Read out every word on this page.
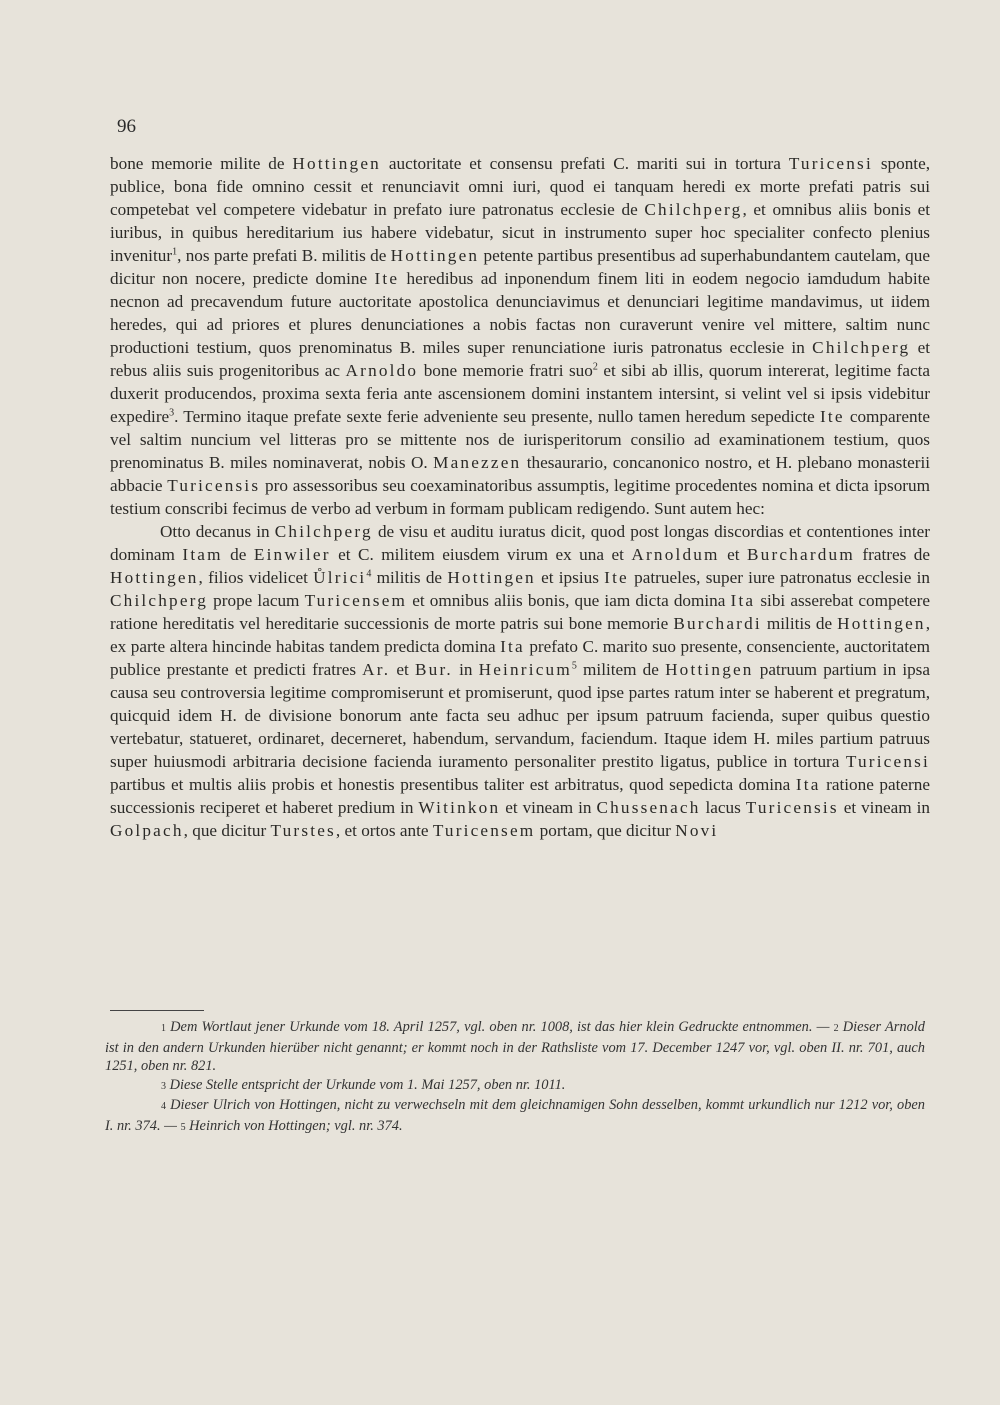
96

bone memorie milite de Hottingen auctoritate et consensu prefati C. mariti sui in tortura Turicensi sponte, publice, bona fide omnino cessit et renunciavit omni iuri, quod ei tanquam heredi ex morte prefati patris sui competebat vel competere videbatur in prefato iure patronatus ecclesie de Chilchperg, et omnibus aliis bonis et iuribus, in quibus hereditarium ius habere videbatur, sicut in instrumento super hoc specialiter confecto plenius invenitur$^1$, nos parte prefati B. militis de Hottingen petente partibus presentibus ad superhabundantem cautelam, que dicitur non nocere, predicte domine Ite heredibus ad inponendum finem liti in eodem negocio iamdudum habite necnon ad precavendum future auctoritate apostolica denunciavimus et denunciari legitime mandavimus, ut iidem heredes, qui ad priores et plures denunciationes a nobis factas non curaverunt venire vel mittere, saltim nunc productioni testium, quos prenominatus B. miles super renunciatione iuris patronatus ecclesie in Chilchperg et rebus aliis suis progenitoribus ac Arnoldo bone memorie fratri suo$^2$ et sibi ab illis, quorum intererat, legitime facta duxerit producendos, proxima sexta feria ante ascensionem domini instantem intersint, si velint vel si ipsis videbitur expedire$^3$. Termino itaque prefate sexte ferie adveniente seu presente, nullo tamen heredum sepedicte Ite comparente vel saltim nuncium vel litteras pro se mittente nos de iurisperitorum consilio ad examinationem testium, quos prenominatus B. miles nominaverat, nobis O. Manezzen thesaurario, concanonico nostro, et H. plebano monasterii abbacie Turicensis pro assessoribus seu coexaminatoribus assumptis, legitime procedentes nomina et dicta ipsorum testium conscribi fecimus de verbo ad verbum in formam publicam redigendo. Sunt autem hec:

Otto decanus in Chilchperg de visu et auditu iuratus dicit, quod post longas discordias et contentiones inter dominam Itam de Einwiler et C. militem eiusdem virum ex una et Arnoldum et Burchardum fratres de Hottingen, filios videlicet Ůlrici$^4$ militis de Hottingen et ipsius Ite patrueles, super iure patronatus ecclesie in Chilchperg prope lacum Turicensem et omnibus aliis bonis, que iam dicta domina Ita sibi asserebat competere ratione hereditatis vel hereditarie successionis de morte patris sui bone memorie Burchardi militis de Hottingen, ex parte altera hincinde habitas tandem predicta domina Ita prefato C. marito suo presente, consenciente, auctoritatem publice prestante et predicti fratres Ar. et Bur. in Heinricum$^5$ militem de Hottingen patruum partium in ipsa causa seu controversia legitime compromiserunt et promiserunt, quod ipse partes ratum inter se haberent et pregratum, quicquid idem H. de divisione bonorum ante facta seu adhuc per ipsum patruum facienda, super quibus questio vertebatur, statueret, ordinaret, decerneret, habendum, servandum, faciendum. Itaque idem H. miles partium patruus super huiusmodi arbitraria decisione facienda iuramento personaliter prestito ligatus, publice in tortura Turicensi partibus et multis aliis probis et honestis presentibus taliter est arbitratus, quod sepedicta domina Ita ratione paterne successionis reciperet et haberet predium in Witinkon et vineam in Chussenach lacus Turicensis et vineam in Golpach, que dicitur Turstes, et ortos ante Turicensem portam, que dicitur Novi

1 Dem Wortlaut jener Urkunde vom 18. April 1257, vgl. oben nr. 1008, ist das hier klein Gedruckte entnommen. — 2 Dieser Arnold ist in den andern Urkunden hierüber nicht genannt; er kommt noch in der Rathsliste vom 17. December 1247 vor, vgl. oben II. nr. 701, auch 1251, oben nr. 821.

3 Diese Stelle entspricht der Urkunde vom 1. Mai 1257, oben nr. 1011.

4 Dieser Ulrich von Hottingen, nicht zu verwechseln mit dem gleichnamigen Sohn desselben, kommt urkundlich nur 1212 vor, oben I. nr. 374. — 5 Heinrich von Hottingen; vgl. nr. 374.
